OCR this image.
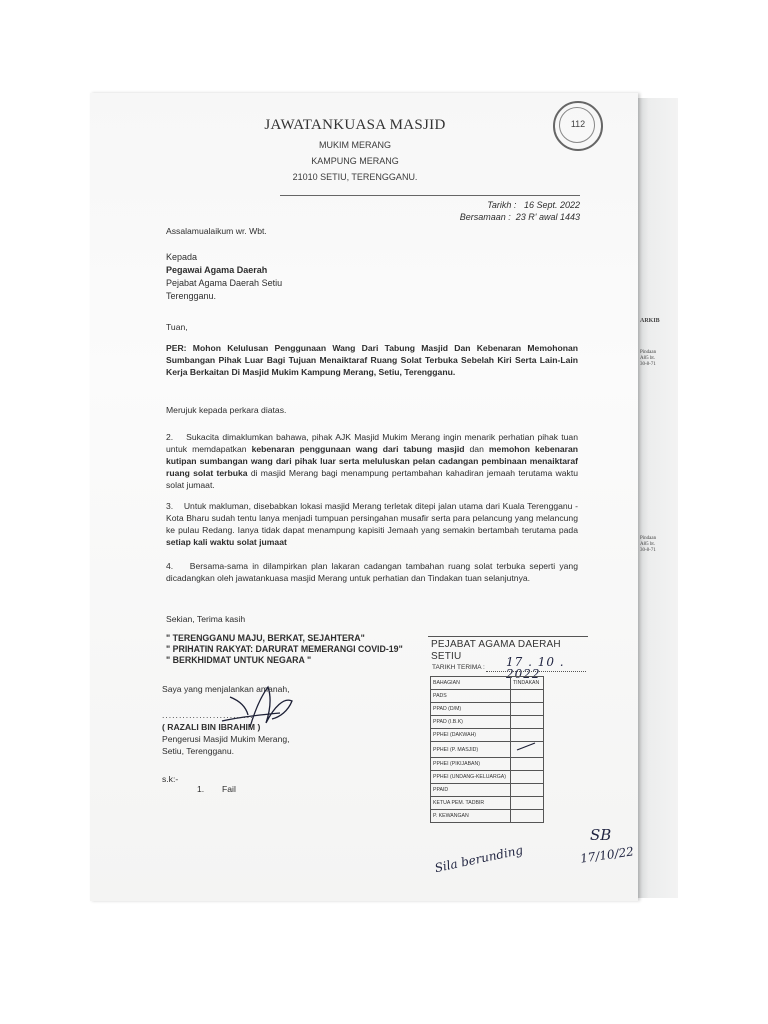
ARKIB
Pindaan
A85 bt.
30-8-71
Pindaan
A85 bt.
30-8-71
JAWATANKUASA MASJID
MUKIM MERANG
KAMPUNG MERANG
21010 SETIU, TERENGGANU.
112
Tarikh :   16 Sept. 2022
Bersamaan :  23 R' awal 1443
Assalamualaikum wr. Wbt.
Kepada
Pegawai Agama Daerah
Pejabat Agama Daerah Setiu
Terengganu.
Tuan,
PER: Mohon Kelulusan Penggunaan Wang Dari Tabung Masjid Dan Kebenaran Memohonan Sumbangan Pihak Luar Bagi Tujuan Menaiktaraf Ruang Solat Terbuka Sebelah Kiri Serta Lain-Lain Kerja Berkaitan Di Masjid Mukim Kampung Merang, Setiu, Terengganu.
Merujuk kepada perkara diatas.
2. Sukacita dimaklumkan bahawa, pihak AJK Masjid Mukim Merang ingin menarik perhatian pihak tuan untuk memdapatkan kebenaran penggunaan wang dari tabung masjid dan memohon kebenaran kutipan sumbangan wang dari pihak luar serta meluluskan pelan cadangan pembinaan menaiktaraf ruang solat terbuka di masjid Merang bagi menampung pertambahan kahadiran jemaah terutama waktu solat jumaat.
3. Untuk makluman, disebabkan lokasi masjid Merang terletak ditepi jalan utama dari Kuala Terengganu - Kota Bharu sudah tentu lanya menjadi tumpuan persingahan musafir serta para pelancung yang melancung ke pulau Redang. Ianya tidak dapat menampung kapisiti Jemaah yang semakin bertambah terutama pada setiap kali waktu solat jumaat
4. Bersama-sama in dilampirkan plan lakaran cadangan tambahan ruang solat terbuka seperti yang dicadangkan oleh jawatankuasa masjid Merang untuk perhatian dan Tindakan tuan selanjutnya.
Sekian, Terima kasih
" TERENGGANU MAJU, BERKAT, SEJAHTERA"
" PRIHATIN RAKYAT: DARURAT MEMERANGI COVID-19"
" BERKHIDMAT UNTUK NEGARA "
Saya yang menjalankan amanah,
...........................
( RAZALI BIN IBRAHIM )
Pengerusi Masjid Mukim Merang,
Setiu, Terengganu.
s.k:-
1. Fail
PEJABAT AGAMA DAERAH SETIU
TARIKH TERIMA : 17 . 10 . 2022
BAHAGIAN	TINDAKAN
PADS	
PPAD (D/M)	
PPAD (I.B.K)	
PPHEI (DAKWAH)	
PPHEI (P. MASJID)	
PPHEI (PIKIJABAN)	
PPHEI (UNDANG-KELUARGA)	
PPAID	
KETUA PEM. TADBIR	
P. KEWANGAN	
Sila berunding
SB
17/10/22
